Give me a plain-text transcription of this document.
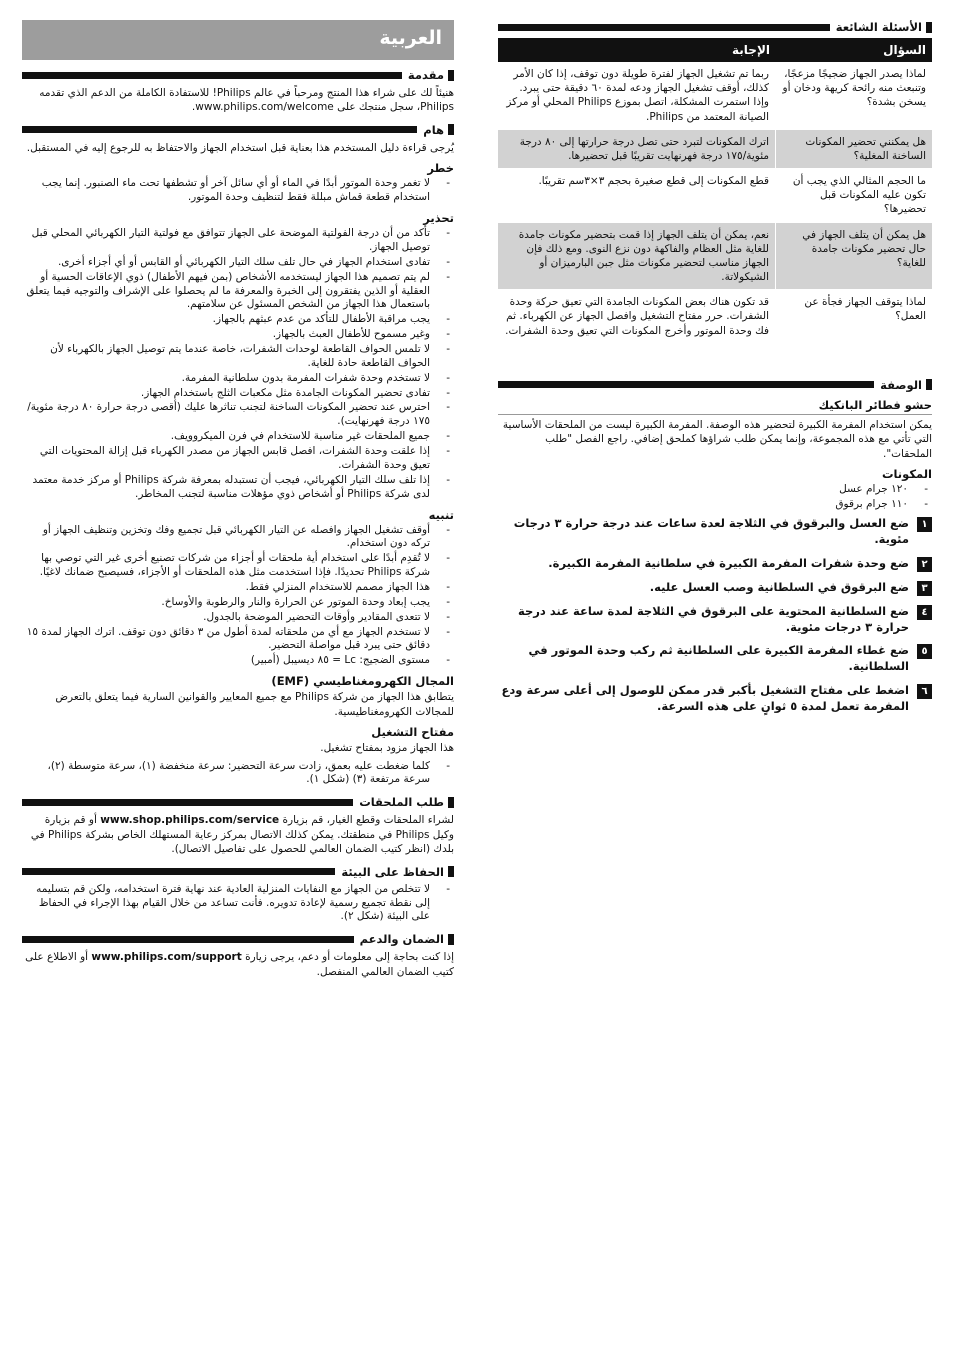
العربية
مقدمة

هنيئاً لك على شراء هذا المنتج ومرحباً في عالم Philips! للاستفادة الكاملة من الدعم الذي تقدمه Philips، سجل منتجك على www.philips.com/welcome.

هام

يُرجى قراءة دليل المستخدم هذا بعناية قبل استخدام الجهاز والاحتفاظ به للرجوع إليه في المستقبل.

خطر
- لا تغمر وحدة الموتور أبدًا في الماء أو أي سائل آخر أو تشطفها تحت ماء الصنبور. إنما يجب استخدام قطعة قماش مبللة فقط لتنظيف وحدة الموتور.
تحذير
- تأكد من أن درجة الفولتية الموضحة على الجهاز تتوافق مع فولتية التيار الكهربائي المحلي قبل توصيل الجهاز.
- تفادى استخدام الجهاز في حال تلف سلك التيار الكهربائي أو القابس أو أي أجزاء أخرى.
- لم يتم تصميم هذا الجهاز ليستخدمه الأشخاص (بمن فيهم الأطفال) ذوي الإعاقات الحسية أو العقلية أو الذين يفتقرون إلى الخبرة والمعرفة ما لم يحصلوا على الإشراف والتوجيه فيما يتعلق باستعمال هذا الجهاز من الشخص المسئول عن سلامتهم.
- يجب مراقبة الأطفال للتأكد من عدم عبثهم بالجهاز.
- وغير مسموح للأطفال العبث بالجهاز.
- لا تلمس الحواف القاطعة لوحدات الشفرات، خاصة عندما يتم توصيل الجهاز بالكهرباء لأن الحواف القاطعة حادة للغاية.
- لا تستخدم وحدة شفرات المفرمة بدون سلطانية المفرمة.
- تفادى تحضير المكونات الجامدة مثل مكعبات الثلج باستخدام الجهاز.
- احترس عند تحضير المكونات الساخنة لتجنب تناثرها عليك (أقصى درجة حرارة ٨٠ درجة مئوية/١٧٥ درجة فهرنهايت).
- جميع الملحقات غير مناسبة للاستخدام في فرن الميكروويف.
- إذا علقت وحدة الشفرات، افصل قابس الجهاز من مصدر الكهرباء قبل إزالة المحتويات التي تعيق وحدة الشفرات.
- إذا تلف سلك التيار الكهربائي، فيجب أن تستبدله بمعرفة شركة Philips أو مركز خدمة معتمد لدى شركة Philips أو أشخاص ذوي مؤهلات مناسبة لتجنب المخاطر.
تنبيه
- أوقف تشغيل الجهاز وافصله عن التيار الكهربائي قبل تجميع وفك وتخزين وتنظيف الجهاز أو تركه دون استخدام.
- لا تُقدِم أبدًا على استخدام أية ملحقات أو أجزاء من شركات تصنيع أخرى غير التي توصي بها شركة Philips تحديدًا. فإذا استخدمت مثل هذه الملحقات أو الأجزاء، فسيصبح ضمانك لاغيًا.
- هذا الجهاز مصمم للاستخدام المنزلي فقط.
- يجب إبعاد وحدة الموتور عن الحرارة والنار والرطوبة والأوساخ.
- لا تتعدى المقادير وأوقات التحضير الموضحة بالجدول.
- لا تستخدم الجهاز مع أي من ملحقاته لمدة أطول من ٣ دقائق دون توقف. اترك الجهاز لمدة ١٥ دقائق حتى يبرد قبل مواصلة التحضير.
- مستوى الضجيج: Lc = ٨٥ ديسيبل (أمبير)
المجال الكهرومغناطيسي (EMF)

يتطابق هذا الجهاز من شركة Philips مع جميع المعايير والقوانين السارية فيما يتعلق بالتعرض للمجالات الكهرومغناطيسية.

مفتاح التشغيل

هذا الجهاز مزود بمفتاح تشغيل.

- كلما ضغطت عليه بعمق، زادت سرعة التحضير: سرعة منخفضة (١)، سرعة متوسطة (٢)، سرعة مرتفعة (٣) (شكل ١).
طلب الملحقات

لشراء الملحقات وقطع الغيار، قم بزيارة www.shop.philips.com/service أو قم بزيارة وكيل Philips في منطقتك. يمكن كذلك الاتصال بمركز رعاية المستهلك الخاص بشركة Philips في بلدك (انظر كتيب الضمان العالمي للحصول على تفاصيل الاتصال).

الحفاظ على البيئة
- لا تتخلص من الجهاز مع النفايات المنزلية العادية عند نهاية فترة استخدامه، ولكن قم بتسليمه إلى نقطة تجميع رسمية لإعادة تدويره. فأنت تساعد من خلال القيام بهذا الإجراء في الحفاظ على البيئة (شكل ٢).
الضمان والدعم

إذا كنت بحاجة إلى معلومات أو دعم، يرجى زيارة www.philips.com/support أو الاطلاع على كتيب الضمان العالمي المنفصل.

الأسئلة الشائعة
السؤال
الإجابة
لماذا يصدر الجهاز ضجيجًا مزعجًا، وتنبعث منه رائحة كريهة ودخان أو يسخن بشدة؟
ربما تم تشغيل الجهاز لفترة طويلة دون توقف، إذا كان الأمر كذلك، أوقف تشغيل الجهاز ودعه لمدة ٦٠ دقيقة حتى يبرد. وإذا استمرت المشكلة، اتصل بموزع Philips المحلي أو مركز الصيانة المعتمد من Philips.
هل يمكنني تحضير المكونات الساخنة المغلية؟
اترك المكونات لتبرد حتى تصل درجة حرارتها إلى ٨٠ درجة مئوية/١٧٥ درجة فهرنهايت تقريبًا قبل تحضيرها.
ما الحجم المثالي الذي يجب أن تكون عليه المكونات قبل تحضيرها؟
قطع المكونات إلى قطع صغيرة بحجم ٣×٣سم تقريبًا.
هل يمكن أن يتلف الجهاز في حال تحضير مكونات جامدة للغاية؟
نعم، يمكن أن يتلف الجهاز إذا قمت بتحضير مكونات جامدة للغاية مثل العظام والفاكهة دون نزع النوى. ومع ذلك فإن الجهاز مناسب لتحضير مكونات مثل جبن البارميزان أو الشيكولاتة.
لماذا يتوقف الجهاز فجأة عن العمل؟
قد تكون هناك بعض المكونات الجامدة التي تعيق حركة وحدة الشفرات. حرر مفتاح التشغيل وافصل الجهاز عن الكهرباء. ثم فك وحدة الموتور وأخرج المكونات التي تعيق وحدة الشفرات.
الوصفة
حشو فطائر البانكيك

يمكن استخدام المفرمة الكبيرة لتحضير هذه الوصفة. المفرمة الكبيرة ليست من الملحقات الأساسية التي تأتي مع هذه المجموعة، وإنما يمكن طلب شراؤها كملحق إضافي. راجع الفصل "طلب الملحقات".

المكونات
- ١٢٠ جرام عسل
- ١١٠ جرام برقوق
١
ضع العسل والبرقوق في الثلاجة لعدة ساعات عند درجة حرارة ٣ درجات مئوية.
٢
ضع وحدة شفرات المفرمة الكبيرة في سلطانية المفرمة الكبيرة.
٣
ضع البرقوق في السلطانية وصب العسل عليه.
٤
ضع السلطانية المحتوية على البرقوق في الثلاجة لمدة ساعة عند درجة حرارة ٣ درجات مئوية.
٥
ضع غطاء المفرمة الكبيرة على السلطانية ثم ركب وحدة الموتور في السلطانية.
٦
اضغط على مفتاح التشغيل بأكبر قدر ممكن للوصول إلى أعلى سرعة ودع المفرمة تعمل لمدة ٥ ثوانٍ على هذه السرعة.
